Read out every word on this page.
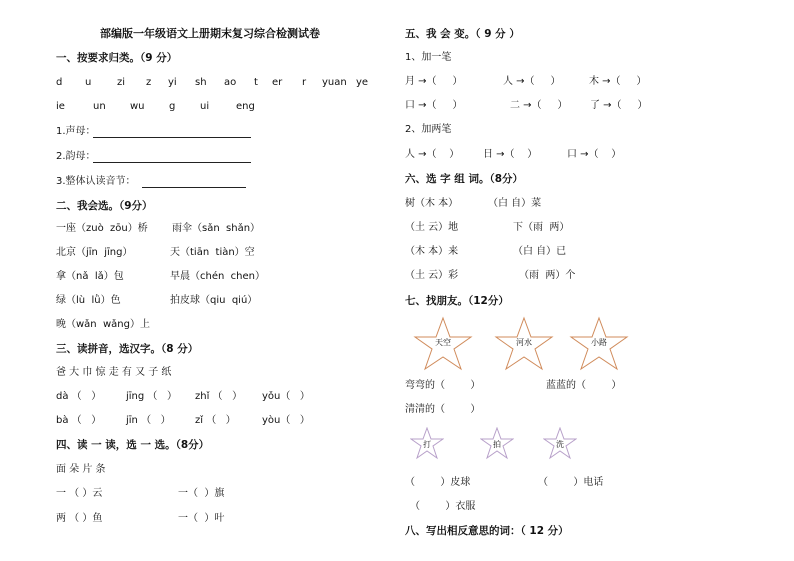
部编版一年级语文上册期末复习综合检测试卷
一、按要求归类。（9 分）
d u	zi z yi sh ao t er r yuan ye
ie	un wu g ui	eng
1.声母：
2.韵母：
3.整体认读音节：
二、我会选。（9分）
一座（zuò  zōu）桥 雨伞（sǎn  shǎn）
北京（jīn  jīng）	天（tiān  tiàn）空
拿（nǎ  lǎ）包	早晨（chén  chen）
绿（lù  lǜ）色	拍皮球（qiu  qiú）
晚（wǎn  wǎng）上
三、读拼音，选汉字。（8 分）
爸 大 巾 惊 走 有 又 子 纸
dà （   ） jīng （   ） zhǐ （   ） yǒu（   ）
bà （   ） jīn （   ） zǐ （   ）	yòu（   ）
四、读 一 读，选 一 选。（8分）
面 朵 片 条
一 （ ）云	一（  ）旗
两 （ ）鱼	一（  ）叶
五、我 会 变。（ 9 分 ）
1、加一笔
月 →（     ）	人 →（     ）	木 →（     ）
口 →（     ）	二 →（     ） 了 →（     ）
2、加两笔
人 →（    ） 日 →（    ）	口 →（    ）
六、选 字 组 词。（8分）
树（木 本）	（白 自）菜
（土 云）地	下（雨  两）
（木 本）来	（白 自）已
（土 云）彩	（雨  两）个
七、找朋友。（12分）
天空	河水	小路
弯弯的（        ）	蓝蓝的（        ）
清清的（        ）
打	拍	洗
（        ）皮球	（        ）电话
（        ）衣服
八、写出相反意思的词：（ 12 分）
